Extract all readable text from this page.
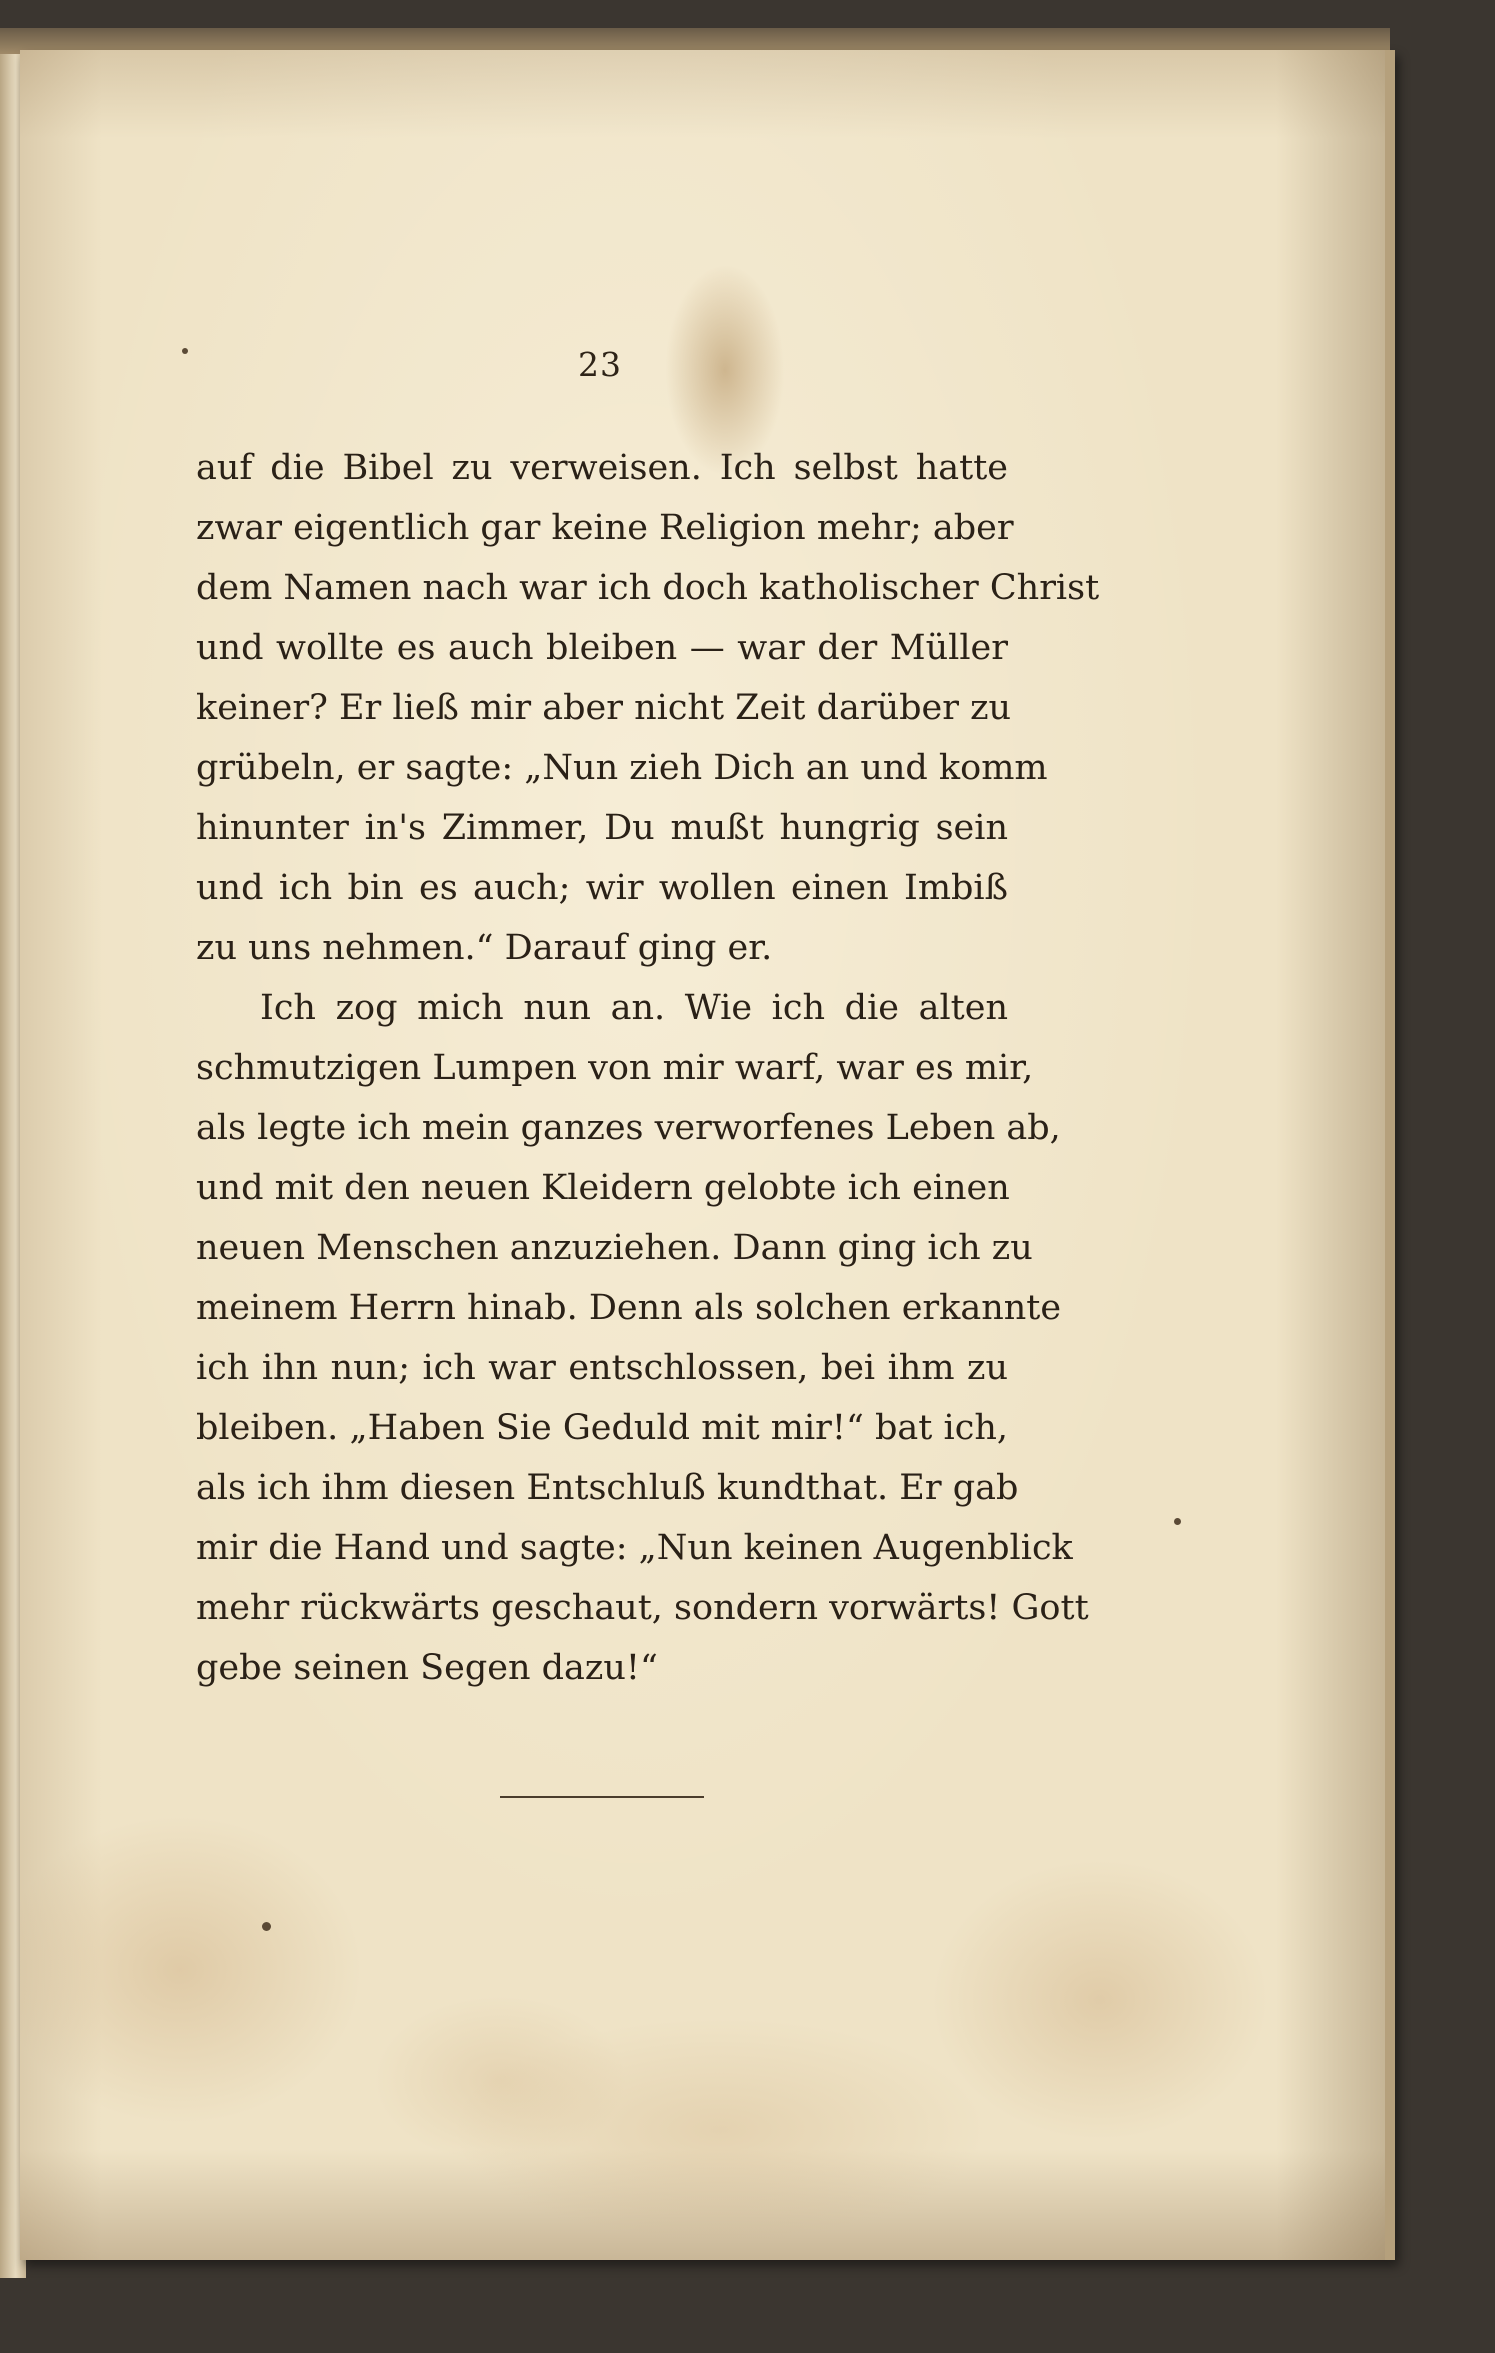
23
auf die Bibel zu verweisen. Ich selbst hatte
zwar eigentlich gar keine Religion mehr; aber
dem Namen nach war ich doch katholischer Christ
und wollte es auch bleiben — war der Müller
keiner? Er ließ mir aber nicht Zeit darüber zu
grübeln, er sagte: „Nun zieh Dich an und komm
hinunter in's Zimmer, Du mußt hungrig sein
und ich bin es auch; wir wollen einen Imbiß
zu uns nehmen.“ Darauf ging er.
Ich zog mich nun an. Wie ich die alten
schmutzigen Lumpen von mir warf, war es mir,
als legte ich mein ganzes verworfenes Leben ab,
und mit den neuen Kleidern gelobte ich einen
neuen Menschen anzuziehen. Dann ging ich zu
meinem Herrn hinab. Denn als solchen erkannte
ich ihn nun; ich war entschlossen, bei ihm zu
bleiben. „Haben Sie Geduld mit mir!“ bat ich,
als ich ihm diesen Entschluß kundthat. Er gab
mir die Hand und sagte: „Nun keinen Augenblick
mehr rückwärts geschaut, sondern vorwärts! Gott
gebe seinen Segen dazu!“
